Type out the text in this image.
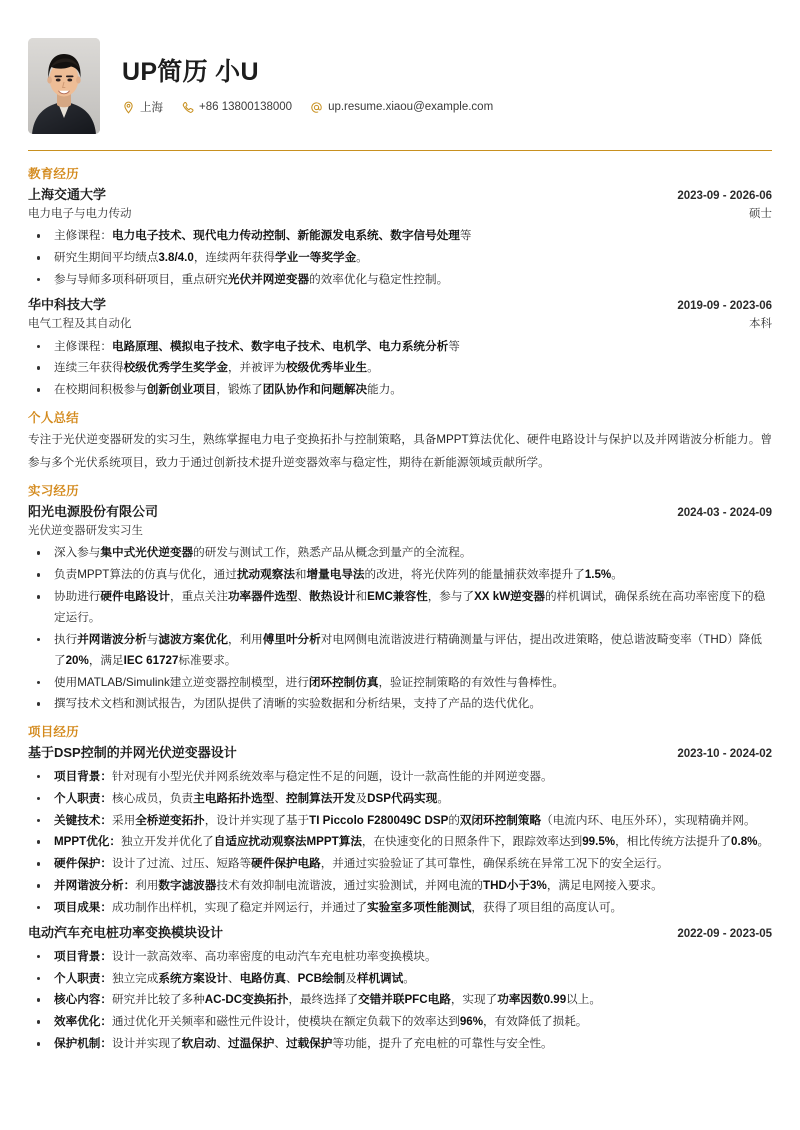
UP简历 小U
上海	+86 13800138000	up.resume.xiaou@example.com
教育经历
上海交通大学	2023-09 - 2026-06
电力电子与电力传动	硕士
主修课程：电力电子技术、现代电力传动控制、新能源发电系统、数字信号处理等
研究生期间平均绩点3.8/4.0，连续两年获得学业一等奖学金。
参与导师多项科研项目，重点研究光伏并网逆变器的效率优化与稳定性控制。
华中科技大学	2019-09 - 2023-06
电气工程及其自动化	本科
主修课程：电路原理、模拟电子技术、数字电子技术、电机学、电力系统分析等
连续三年获得校级优秀学生奖学金，并被评为校级优秀毕业生。
在校期间积极参与创新创业项目，锻炼了团队协作和问题解决能力。
个人总结
专注于光伏逆变器研发的实习生，熟练掌握电力电子变换拓扑与控制策略，具备MPPT算法优化、硬件电路设计与保护以及并网谐波分析能力。曾参与多个光伏系统项目，致力于通过创新技术提升逆变器效率与稳定性，期待在新能源领域贡献所学。
实习经历
阳光电源股份有限公司	2024-03 - 2024-09
光伏逆变器研发实习生
深入参与集中式光伏逆变器的研发与测试工作，熟悉产品从概念到量产的全流程。
负责MPPT算法的仿真与优化，通过扰动观察法和增量电导法的改进，将光伏阵列的能量捕获效率提升了1.5%。
协助进行硬件电路设计，重点关注功率器件选型、散热设计和EMC兼容性，参与了XX kW逆变器的样机调试，确保系统在高功率密度下的稳定运行。
执行并网谐波分析与滤波方案优化，利用傅里叶分析对电网侧电流谐波进行精确测量与评估，提出改进策略，使总谐波畸变率（THD）降低了20%，满足IEC 61727标准要求。
使用MATLAB/Simulink建立逆变器控制模型，进行闭环控制仿真，验证控制策略的有效性与鲁棒性。
撰写技术文档和测试报告，为团队提供了清晰的实验数据和分析结果，支持了产品的迭代优化。
项目经历
基于DSP控制的并网光伏逆变器设计	2023-10 - 2024-02
项目背景：针对现有小型光伏并网系统效率与稳定性不足的问题，设计一款高性能的并网逆变器。
个人职责：核心成员，负责主电路拓扑选型、控制算法开发及DSP代码实现。
关键技术：采用全桥逆变拓扑，设计并实现了基于TI Piccolo F280049C DSP的双闭环控制策略（电流内环、电压外环），实现精确并网。
MPPT优化：独立开发并优化了自适应扰动观察法MPPT算法，在快速变化的日照条件下，跟踪效率达到99.5%，相比传统方法提升了0.8%。
硬件保护：设计了过流、过压、短路等硬件保护电路，并通过实验验证了其可靠性，确保系统在异常工况下的安全运行。
并网谐波分析：利用数字滤波器技术有效抑制电流谐波，通过实验测试，并网电流的THD小于3%，满足电网接入要求。
项目成果：成功制作出样机，实现了稳定并网运行，并通过了实验室多项性能测试，获得了项目组的高度认可。
电动汽车充电桩功率变换模块设计	2022-09 - 2023-05
项目背景：设计一款高效率、高功率密度的电动汽车充电桩功率变换模块。
个人职责：独立完成系统方案设计、电路仿真、PCB绘制及样机调试。
核心内容：研究并比较了多种AC-DC变换拓扑，最终选择了交错并联PFC电路，实现了功率因数0.99以上。
效率优化：通过优化开关频率和磁性元件设计，使模块在额定负载下的效率达到96%，有效降低了损耗。
保护机制：设计并实现了软启动、过温保护、过载保护等功能，提升了充电桩的可靠性与安全性。
